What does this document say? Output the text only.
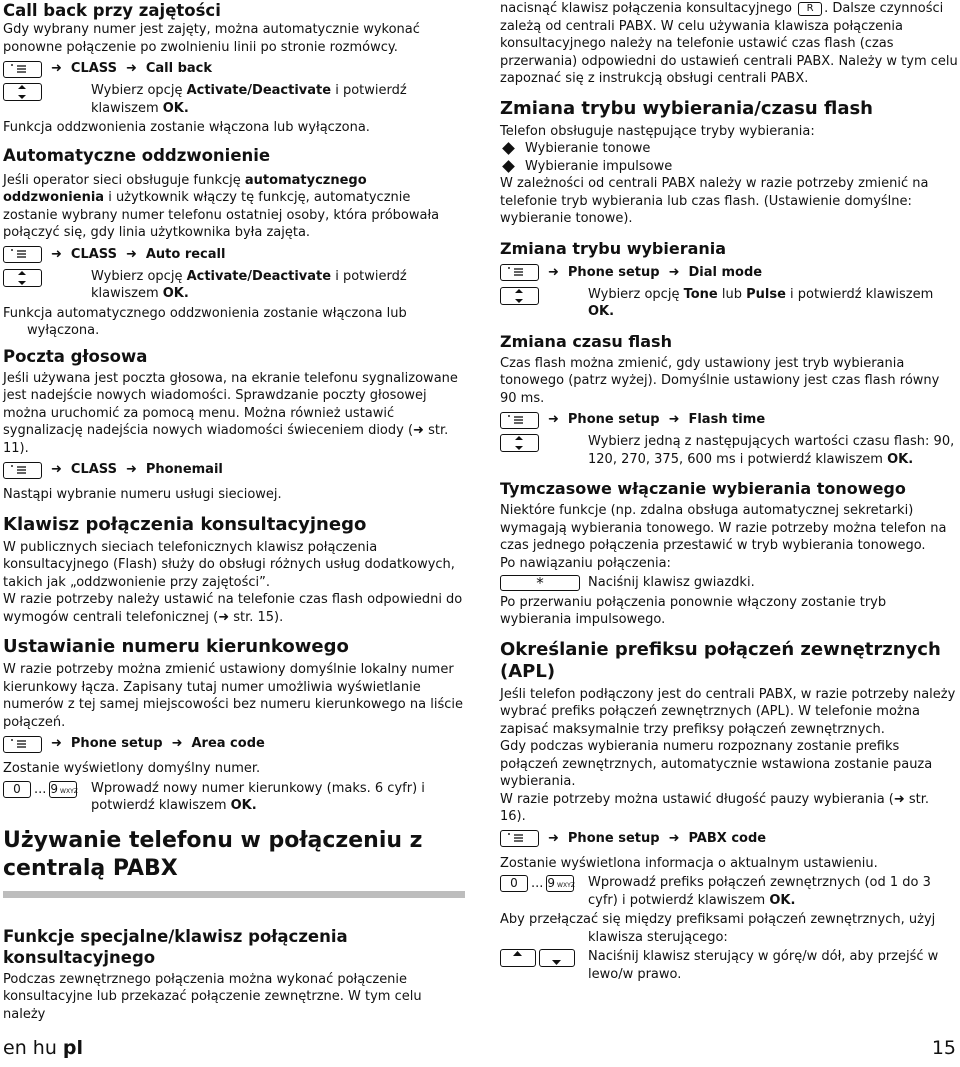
Call back przy zajętości

Gdy wybrany numer jest zajęty, można automatycznie wykonać ponowne połączenie po zwolnieniu linii po stronie rozmówcy.

➜ CLASS ➜ Call back
Wybierz opcję Activate/Deactivate i potwierdź klawiszem OK.

Funkcja oddzwonienia zostanie włączona lub wyłączona.

Automatyczne oddzwonienie

Jeśli operator sieci obsługuje funkcję automatycznego oddzwonienia i użytkownik włączy tę funkcję, automatycznie zostanie wybrany numer telefonu ostatniej osoby, która próbowała połączyć się, gdy linia użytkownika była zajęta.

➜ CLASS ➜ Auto recall
Wybierz opcję Activate/Deactivate i potwierdź klawiszem OK.

Funkcja automatycznego oddzwonienia zostanie włączona lub wyłączona.

Poczta głosowa

Jeśli używana jest poczta głosowa, na ekranie telefonu sygnalizowane jest nadejście nowych wiadomości. Sprawdzanie poczty głosowej można uruchomić za pomocą menu. Można również ustawić sygnalizację nadejścia nowych wiadomości świeceniem diody (➜ str. 11).

➜ CLASS ➜ Phonemail

Nastąpi wybranie numeru usługi sieciowej.

Klawisz połączenia konsultacyjnego

W publicznych sieciach telefonicznych klawisz połączenia konsultacyjnego (Flash) służy do obsługi różnych usług dodatkowych, takich jak „oddzwonienie przy zajętości”.

W razie potrzeby należy ustawić na telefonie czas flash odpowiedni do wymogów centrali telefonicznej (➜ str. 15).

Ustawianie numeru kierunkowego

W razie potrzeby można zmienić ustawiony domyślnie lokalny numer kierunkowy łącza. Zapisany tutaj numer umożliwia wyświetlanie numerów z tej samej miejscowości bez numeru kierunkowego na liście połączeń.

➜ Phone setup ➜ Area code

Zostanie wyświetlony domyślny numer.

0	... 9 WXYZ Wprowadź nowy numer kierunkowy (maks. 6 cyfr) i potwierdź klawiszem OK.

Używanie telefonu w połączeniu z centralą PABX

Funkcje specjalne/klawisz połączenia konsultacyjnego

Podczas zewnętrznego połączenia można wykonać połączenie konsultacyjne lub przekazać połączenie zewnętrzne. W tym celu należy

nacisnąć klawisz połączenia konsultacyjnego R . Dalsze czynności zależą od centrali PABX. W celu używania klawisza połączenia konsultacyjnego należy na telefonie ustawić czas flash (czas przerwania) odpowiedni do ustawień centrali PABX. Należy w tym celu zapoznać się z instrukcją obsługi centrali PABX.

Zmiana trybu wybierania/czasu flash

Telefon obsługuje następujące tryby wybierania:

Wybieranie tonowe
Wybieranie impulsowe

W zależności od centrali PABX należy w razie potrzeby zmienić na telefonie tryb wybierania lub czas flash. (Ustawienie domyślne: wybieranie tonowe).

Zmiana trybu wybierania

➜ Phone setup ➜ Dial mode
Wybierz opcję Tone lub Pulse i potwierdź klawiszem OK.

Zmiana czasu flash

Czas flash można zmienić, gdy ustawiony jest tryb wybierania tonowego (patrz wyżej). Domyślnie ustawiony jest czas flash równy 90 ms.

➜ Phone setup ➜ Flash time
Wybierz jedną z następujących wartości czasu flash: 90, 120, 270, 375, 600 ms i potwierdź klawiszem OK.

Tymczasowe włączanie wybierania tonowego

Niektóre funkcje (np. zdalna obsługa automatycznej sekretarki) wymagają wybierania tonowego. W razie potrzeby można telefon na czas jednego połączenia przestawić w tryb wybierania tonowego.

Po nawiązaniu połączenia:

*	Naciśnij klawisz gwiazdki.

Po przerwaniu połączenia ponownie włączony zostanie tryb wybierania impulsowego.

Określanie prefiksu połączeń zewnętrznych (APL)

Jeśli telefon podłączony jest do centrali PABX, w razie potrzeby należy wybrać prefiks połączeń zewnętrznych (APL). W telefonie można zapisać maksymalnie trzy prefiksy połączeń zewnętrznych.

Gdy podczas wybierania numeru rozpoznany zostanie prefiks połączeń zewnętrznych, automatycznie wstawiona zostanie pauza wybierania.

W razie potrzeby można ustawić długość pauzy wybierania (➜ str. 16).

➜ Phone setup ➜ PABX code

Zostanie wyświetlona informacja o aktualnym ustawieniu.

0	... 9 WXYZ Wprowadź prefiks połączeń zewnętrznych (od 1 do 3 cyfr) i potwierdź klawiszem OK.

Aby przełączać się między prefiksami połączeń zewnętrznych, użyj klawisza sterującego:

Naciśnij klawisz sterujący w górę/w dół, aby przejść w lewo/w prawo.
en hu pl	15
